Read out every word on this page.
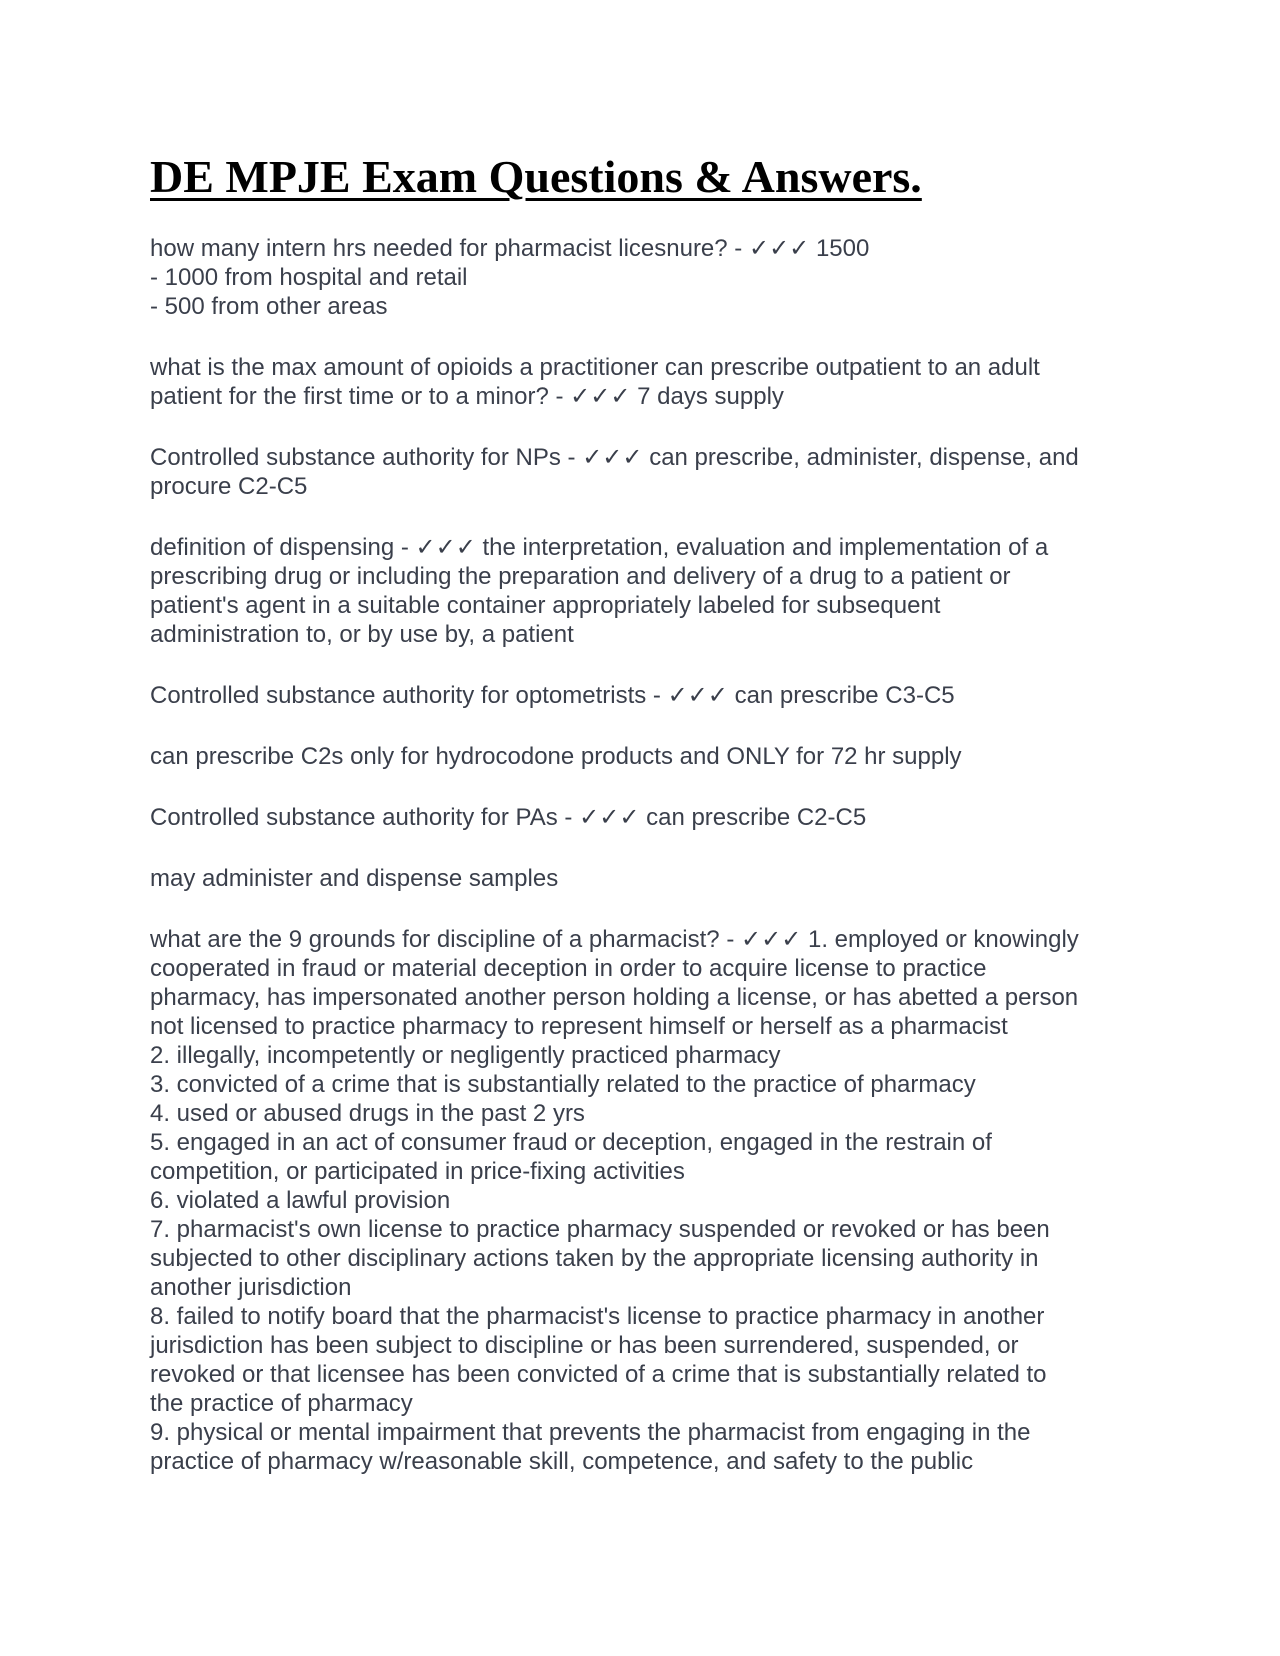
DE MPJE Exam Questions & Answers.
how many intern hrs needed for pharmacist licesnure? - ✓✓✓ 1500
- 1000 from hospital and retail
- 500 from other areas
what is the max amount of opioids a practitioner can prescribe outpatient to an adult
patient for the first time or to a minor? - ✓✓✓ 7 days supply
Controlled substance authority for NPs - ✓✓✓ can prescribe, administer, dispense, and
procure C2-C5
definition of dispensing - ✓✓✓ the interpretation, evaluation and implementation of a
prescribing drug or including the preparation and delivery of a drug to a patient or
patient's agent in a suitable container appropriately labeled for subsequent
administration to, or by use by, a patient
Controlled substance authority for optometrists - ✓✓✓ can prescribe C3-C5
can prescribe C2s only for hydrocodone products and ONLY for 72 hr supply
Controlled substance authority for PAs - ✓✓✓ can prescribe C2-C5
may administer and dispense samples
what are the 9 grounds for discipline of a pharmacist? - ✓✓✓ 1. employed or knowingly
cooperated in fraud or material deception in order to acquire license to practice
pharmacy, has impersonated another person holding a license, or has abetted a person
not licensed to practice pharmacy to represent himself or herself as a pharmacist
2. illegally, incompetently or negligently practiced pharmacy
3. convicted of a crime that is substantially related to the practice of pharmacy
4. used or abused drugs in the past 2 yrs
5. engaged in an act of consumer fraud or deception, engaged in the restrain of
competition, or participated in price-fixing activities
6. violated a lawful provision
7. pharmacist's own license to practice pharmacy suspended or revoked or has been
subjected to other disciplinary actions taken by the appropriate licensing authority in
another jurisdiction
8. failed to notify board that the pharmacist's license to practice pharmacy in another
jurisdiction has been subject to discipline or has been surrendered, suspended, or
revoked or that licensee has been convicted of a crime that is substantially related to
the practice of pharmacy
9. physical or mental impairment that prevents the pharmacist from engaging in the
practice of pharmacy w/reasonable skill, competence, and safety to the public
